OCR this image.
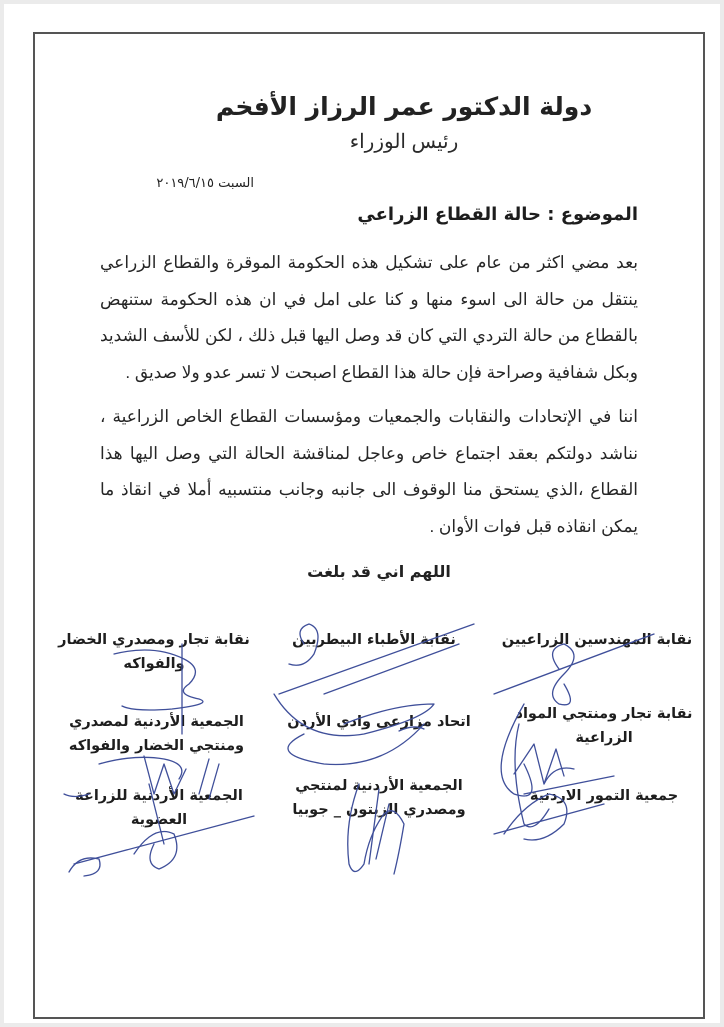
دولة الدكتور عمر الرزاز الأفخم
رئيس الوزراء
السبت ٢٠١٩/٦/١٥
الموضوع : حالة القطاع الزراعي
بعد مضي اكثر من عام على تشكيل هذه الحكومة الموقرة والقطاع الزراعي ينتقل من حالة الى اسوء منها و كنا على امل في ان هذه الحكومة ستنهض بالقطاع من حالة التردي التي كان قد وصل اليها قبل ذلك ، لكن للأسف الشديد وبكل شفافية وصراحة فإن حالة هذا القطاع اصبحت لا تسر عدو ولا صديق .
اننا في الإتحادات والنقابات والجمعيات ومؤسسات القطاع الخاص الزراعية ، نناشد دولتكم بعقد اجتماع خاص وعاجل لمناقشة الحالة التي وصل اليها هذا القطاع ،الذي يستحق منا الوقوف الى جانبه وجانب منتسبيه أملا في انقاذ ما يمكن انقاذه قبل فوات الأوان .
اللهم اني قد بلغت
نقابة المهندسين الزراعيين
نقابة الأطباء البيطريين
نقابة تجار ومصدري الخضار
والفواكه
نقابة تجار ومنتجي المواد
الزراعية
اتحاد مزارعي وادي الأردن
الجمعية الأردنية لمصدري
ومنتجي الخضار والفواكه
جمعية التمور الاردنية
الجمعية الأردنية لمنتجي
ومصدري الزيتون _ جوبيا
الجمعية الأردنية للزراعة
العضوية
